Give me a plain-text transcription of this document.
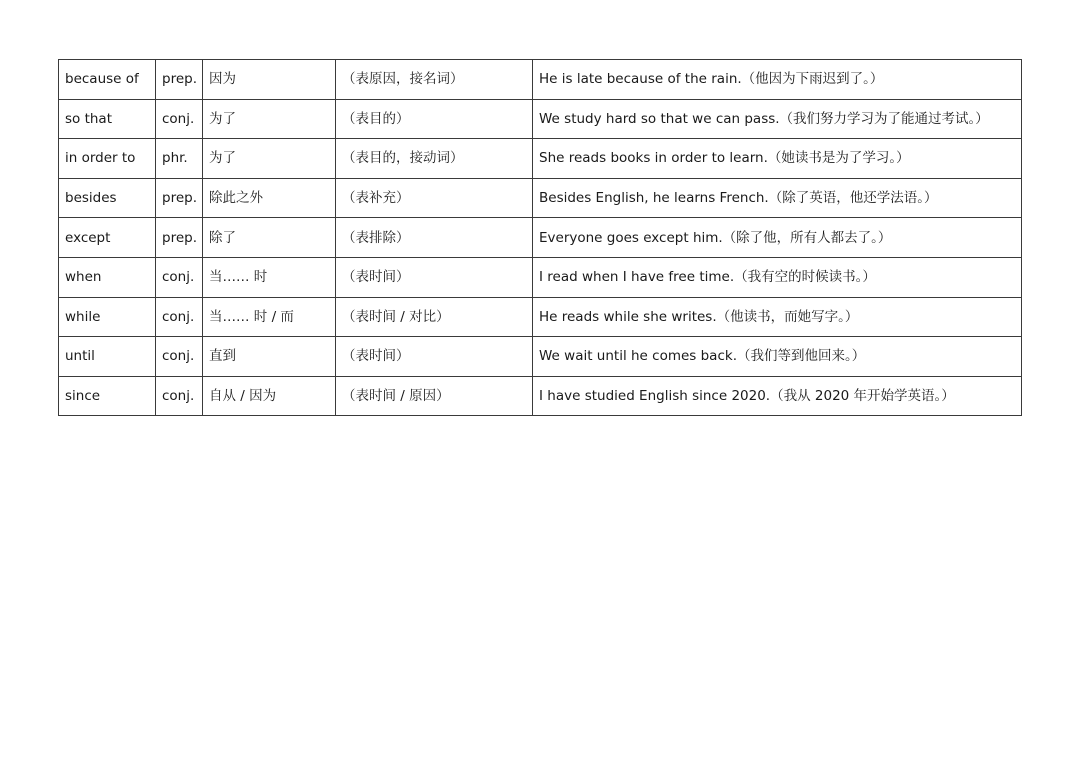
because of	prep.	因为	（表原因，接名词）	He is late because of the rain.（他因为下雨迟到了。）
so that	conj.	为了	（表目的）	We study hard so that we can pass.（我们努力学习为了能通过考试。）
in order to	phr.	为了	（表目的，接动词）	She reads books in order to learn.（她读书是为了学习。）
besides	prep.	除此之外	（表补充）	Besides English, he learns French.（除了英语，他还学法语。）
except	prep.	除了	（表排除）	Everyone goes except him.（除了他，所有人都去了。）
when	conj.	当…… 时	（表时间）	I read when I have free time.（我有空的时候读书。）
while	conj.	当…… 时 / 而	（表时间 / 对比）	He reads while she writes.（他读书，而她写字。）
until	conj.	直到	（表时间）	We wait until he comes back.（我们等到他回来。）
since	conj.	自从 / 因为	（表时间 / 原因）	I have studied English since 2020.（我从 2020 年开始学英语。）
